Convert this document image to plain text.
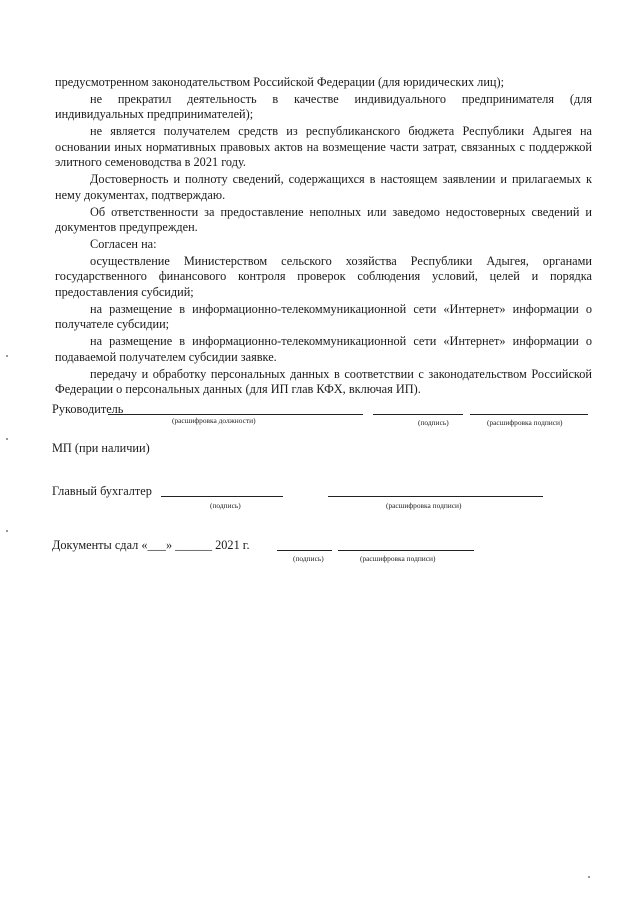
предусмотренном законодательством Российской Федерации (для юридических лиц);

не прекратил деятельность в качестве индивидуального предпринимателя (для индивидуальных предпринимателей);

не является получателем средств из республиканского бюджета Республики Адыгея на основании иных нормативных правовых актов на возмещение части затрат, связанных с поддержкой элитного семеноводства в 2021 году.

Достоверность и полноту сведений, содержащихся в настоящем заявлении и прилагаемых к нему документах, подтверждаю.

Об ответственности за предоставление неполных или заведомо недостоверных сведений и документов предупрежден.

Согласен на:

осуществление Министерством сельского хозяйства Республики Адыгея, органами государственного финансового контроля проверок соблюдения условий, целей и порядка предоставления субсидий;

на размещение в информационно-телекоммуникационной сети «Интернет» информации о получателе субсидии;

на размещение в информационно-телекоммуникационной сети «Интернет» информации о подаваемой получателем субсидии заявке.

передачу и обработку персональных данных в соответствии с законодательством Российской Федерации о персональных данных (для ИП глав КФХ, включая ИП).

Руководитель
(расшифровка должности)	(подпись)	(расшифровка подписи)
МП (при наличии)
Главный бухгалтер
(подпись)	(расшифровка подписи)
Документы сдал «___» ______ 2021 г.
(подпись)	(расшифровка подписи)
